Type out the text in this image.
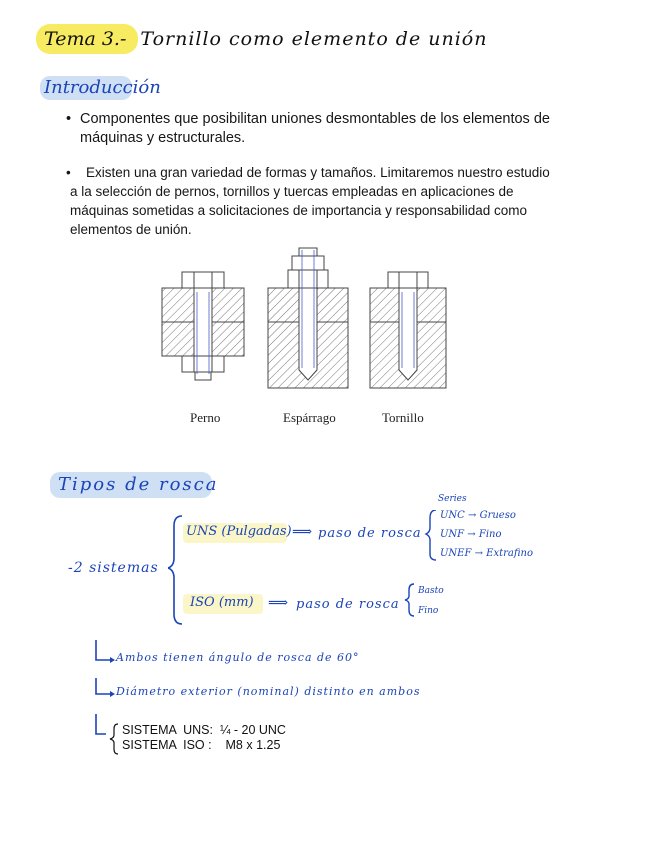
Tema 3.- Tornillo como elemento de unión
Introducción
• Componentes que posibilitan uniones desmontables de los elementos de máquinas y estructurales.
•	Existen una gran variedad de formas y tamaños. Limitaremos nuestro estudio a la selección de pernos, tornillos y tuercas empleadas en aplicaciones de máquinas sometidas a solicitaciones de importancia y responsabilidad como elementos de unión.
Perno	Espárrago	Tornillo
Tipos de rosca
-2 sistemas
UNS (Pulgadas) ⟹ paso de rosca
Series
UNC → Grueso
UNF → Fino
UNEF → Extrafino
ISO (mm) ⟹ paso de rosca
Basto
Fino
Ambos tienen ángulo de rosca de 60°
Diámetro exterior (nominal) distinto en ambos
SISTEMA  UNS: ¼ - 20 UNC
SISTEMA  ISO : M8 x 1.25
